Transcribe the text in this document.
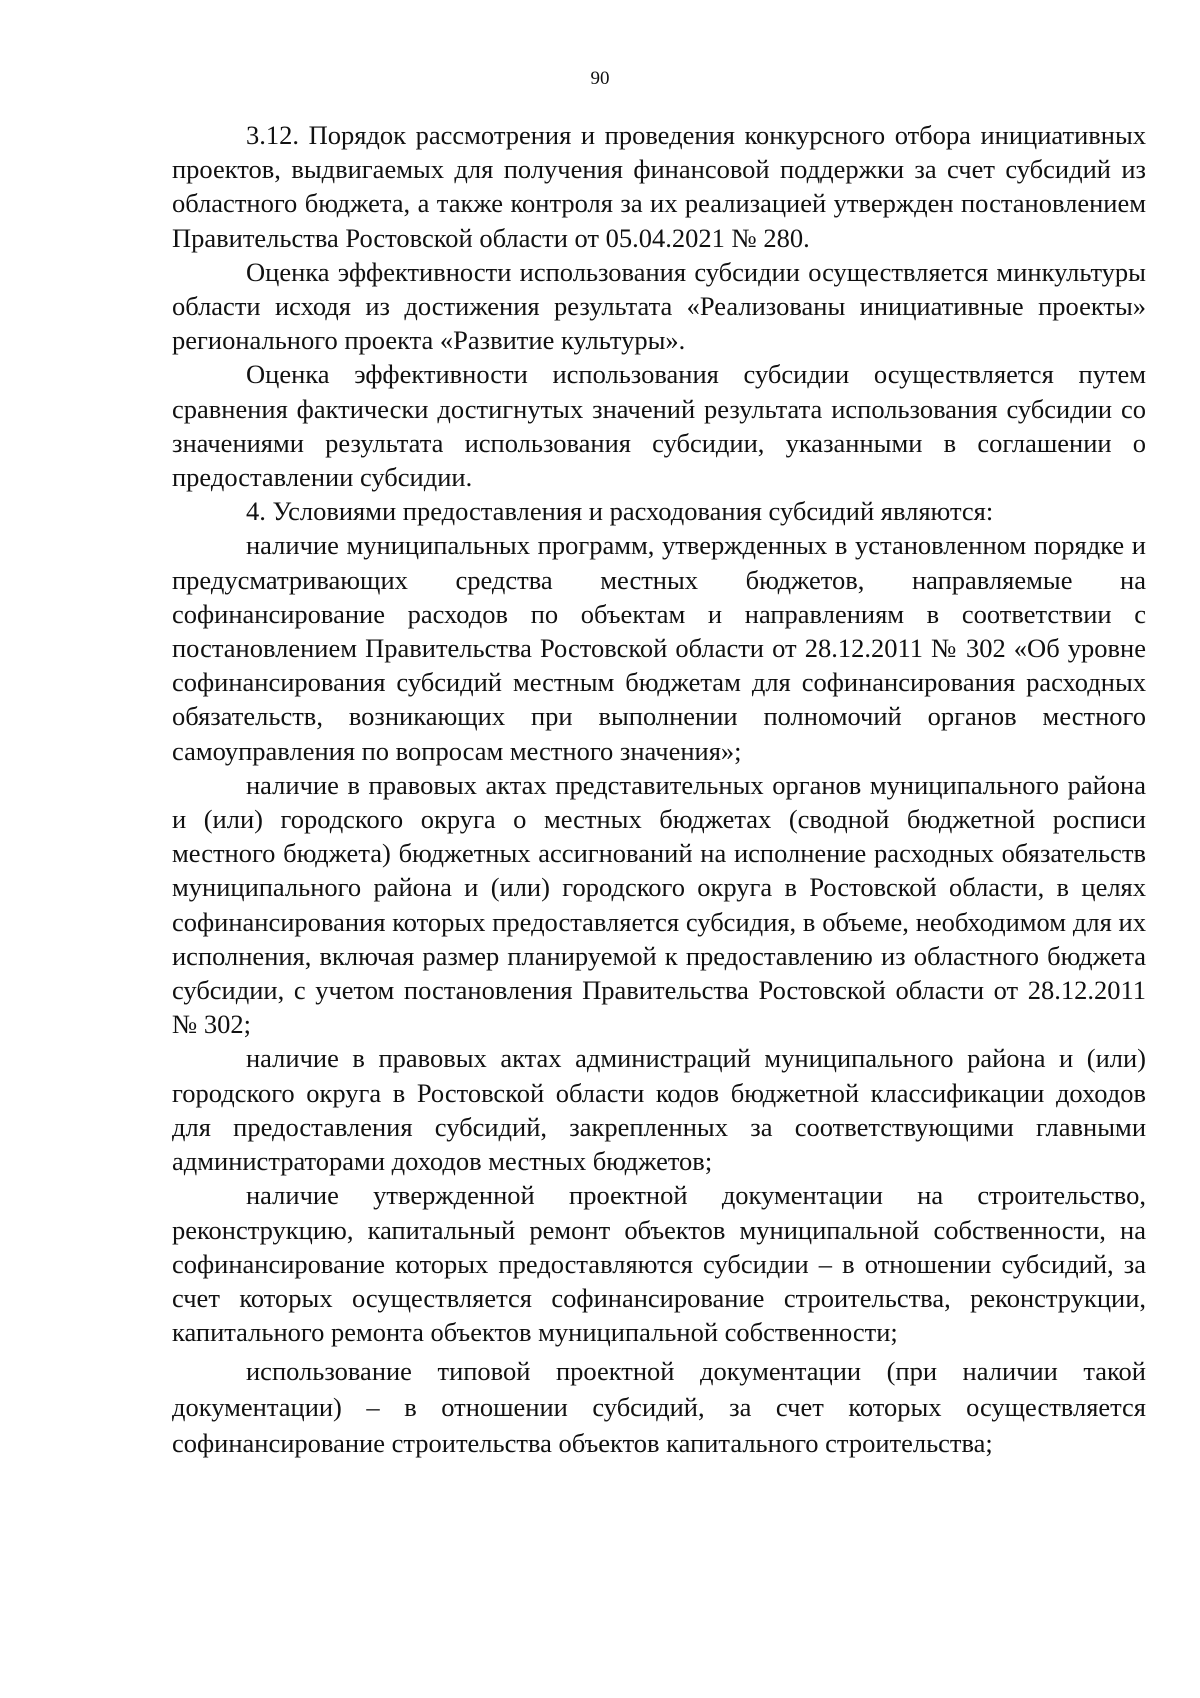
90

3.12. Порядок рассмотрения и проведения конкурсного отбора инициативных проектов, выдвигаемых для получения финансовой поддержки за счет субсидий из областного бюджета, а также контроля за их реализацией утвержден постановлением Правительства Ростовской области от 05.04.2021 № 280.

Оценка эффективности использования субсидии осуществляется минкультуры области исходя из достижения результата «Реализованы инициативные проекты» регионального проекта «Развитие культуры».

Оценка эффективности использования субсидии осуществляется путем сравнения фактически достигнутых значений результата использования субсидии со значениями результата использования субсидии, указанными в соглашении о предоставлении субсидии.

4. Условиями предоставления и расходования субсидий являются:

наличие муниципальных программ, утвержденных в установленном порядке и предусматривающих средства местных бюджетов, направляемые на софинансирование расходов по объектам и направлениям в соответствии с постановлением Правительства Ростовской области от 28.12.2011 № 302 «Об уровне софинансирования субсидий местным бюджетам для софинансирования расходных обязательств, возникающих при выполнении полномочий органов местного самоуправления по вопросам местного значения»;

наличие в правовых актах представительных органов муниципального района и (или) городского округа о местных бюджетах (сводной бюджетной росписи местного бюджета) бюджетных ассигнований на исполнение расходных обязательств муниципального района и (или) городского округа в Ростовской области, в целях софинансирования которых предоставляется субсидия, в объеме, необходимом для их исполнения, включая размер планируемой к предоставлению из областного бюджета субсидии, с учетом постановления Правительства Ростовской области от 28.12.2011 № 302;

наличие в правовых актах администраций муниципального района и (или) городского округа в Ростовской области кодов бюджетной классификации доходов для предоставления субсидий, закрепленных за соответствующими главными администраторами доходов местных бюджетов;

наличие утвержденной проектной документации на строительство, реконструкцию, капитальный ремонт объектов муниципальной собственности, на софинансирование которых предоставляются субсидии – в отношении субсидий, за счет которых осуществляется софинансирование строительства, реконструкции, капитального ремонта объектов муниципальной собственности;

использование типовой проектной документации (при наличии такой документации) – в отношении субсидий, за счет которых осуществляется софинансирование строительства объектов капитального строительства;
